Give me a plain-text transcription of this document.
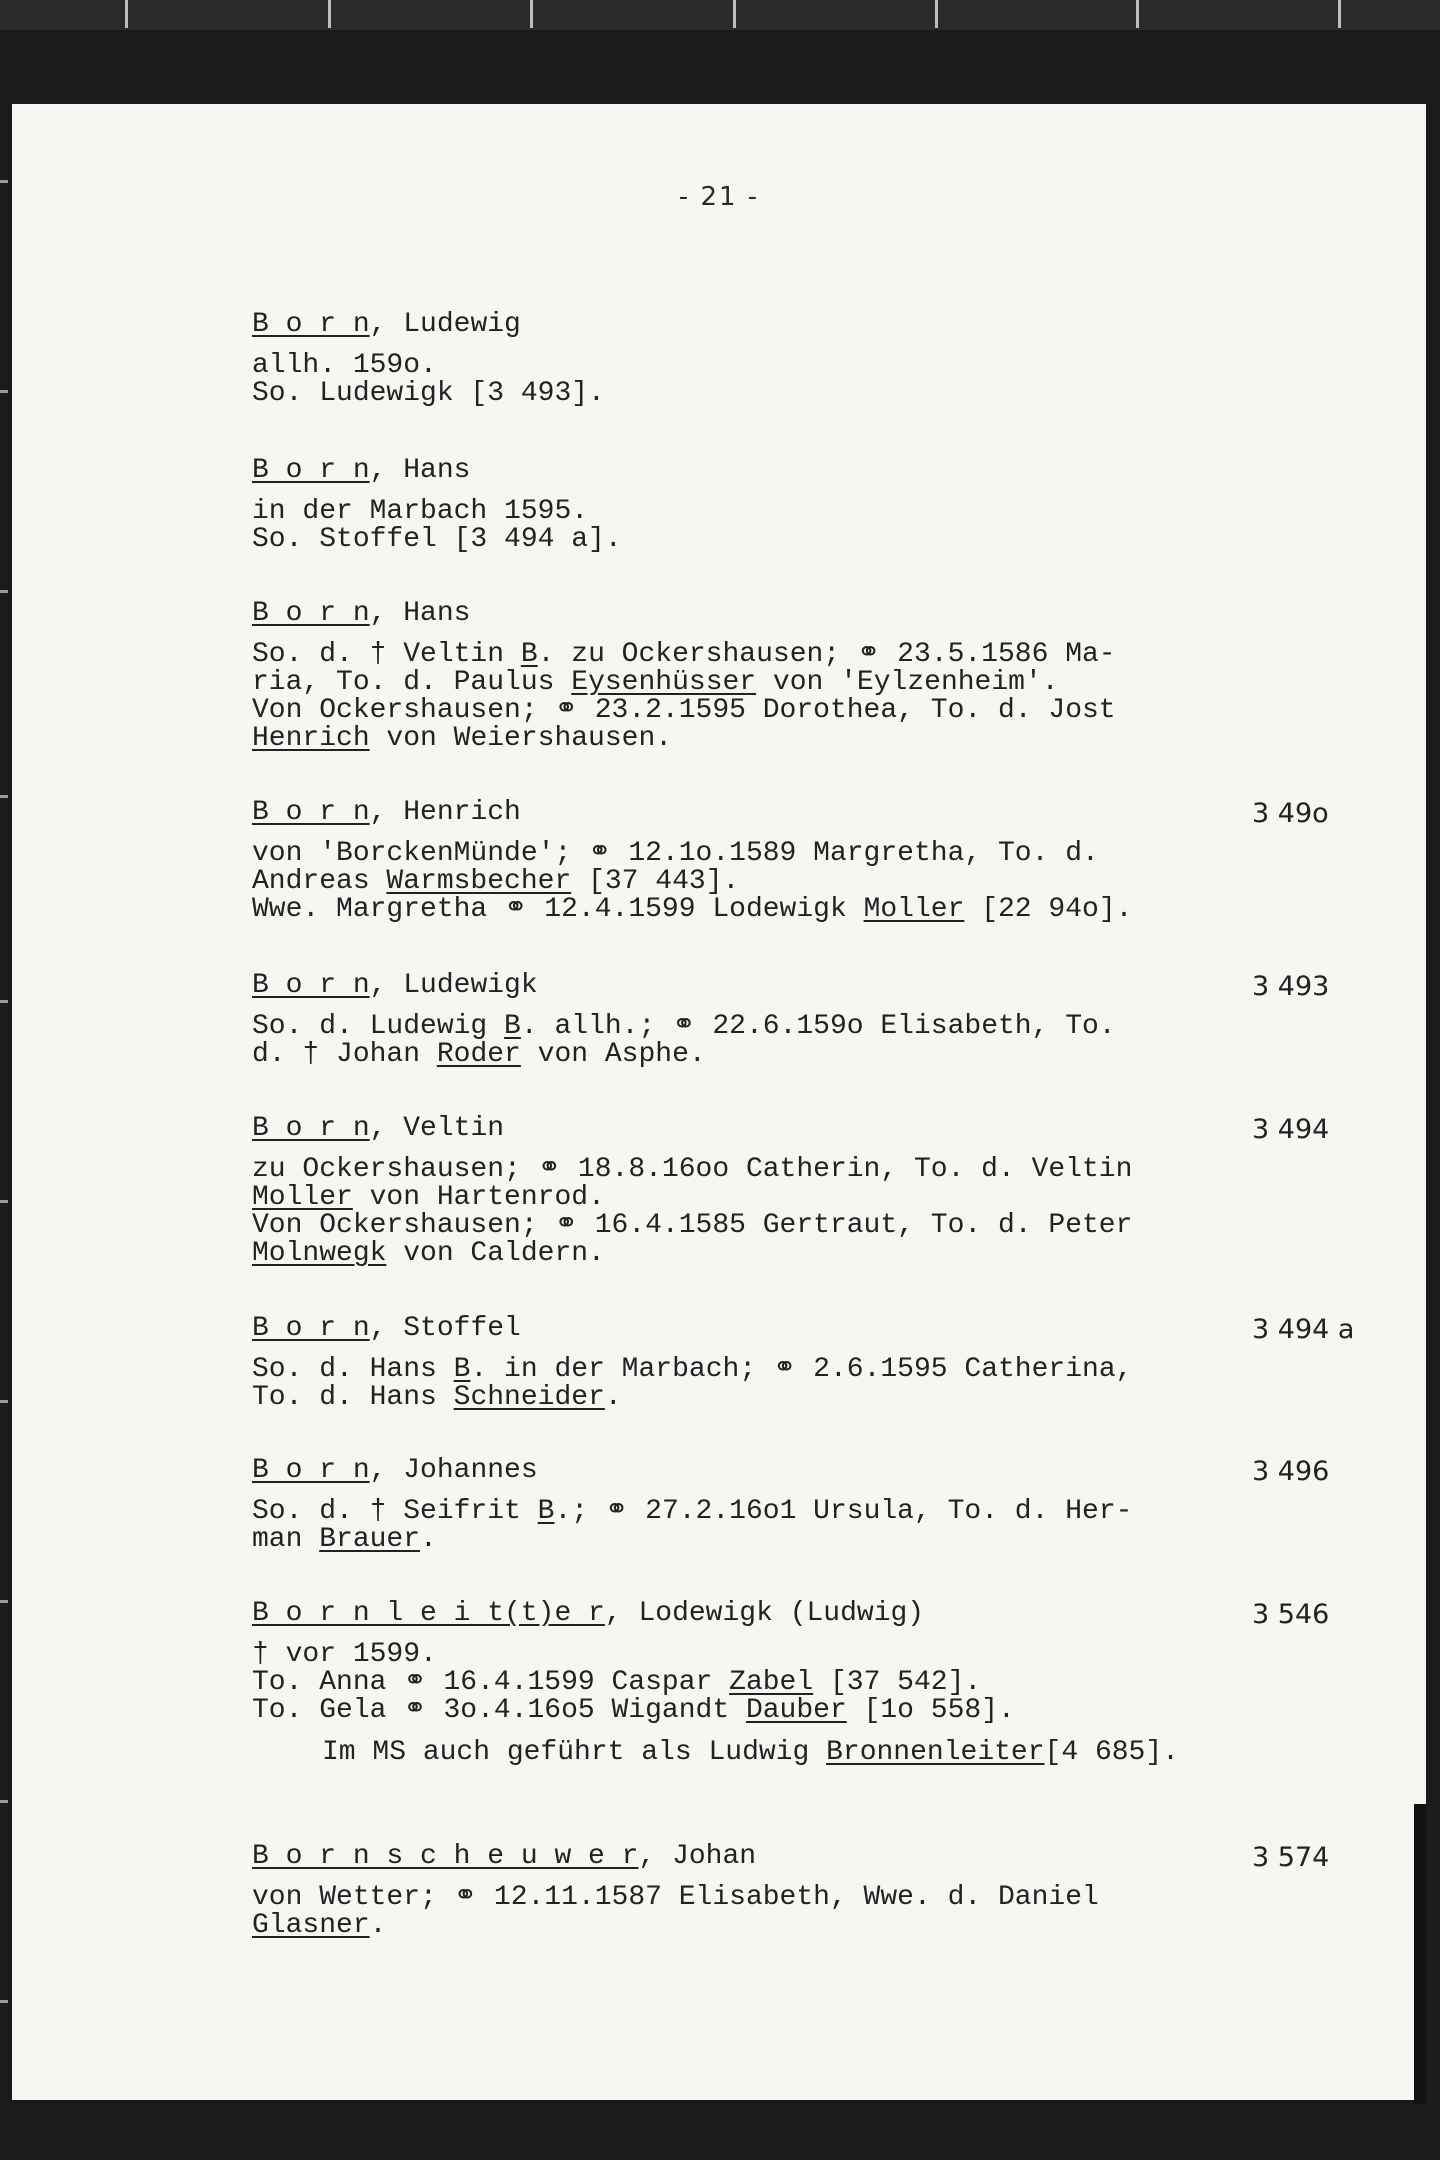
- 21 -
B o r n, Ludewig
allh. 159o.
So. Ludewigk [3 493].
B o r n, Hans
in der Marbach 1595.
So. Stoffel [3 494 a].
B o r n, Hans
So. d. † Veltin B. zu Ockershausen; ⚭ 23.5.1586 Ma-
ria, To. d. Paulus Eysenhüsser von 'Eylzenheim'.
Von Ockershausen; ⚭ 23.2.1595 Dorothea, To. d. Jost
Henrich von Weiershausen.
B o r n, Henrich	3 49o
von 'BorckenMünde'; ⚭ 12.1o.1589 Margretha, To. d.
Andreas Warmsbecher [37 443].
Wwe. Margretha ⚭ 12.4.1599 Lodewigk Moller [22 94o].
B o r n, Ludewigk	3 493
So. d. Ludewig B. allh.; ⚭ 22.6.159o Elisabeth, To.
d. † Johan Roder von Asphe.
B o r n, Veltin	3 494
zu Ockershausen; ⚭ 18.8.16oo Catherin, To. d. Veltin
Moller von Hartenrod.
Von Ockershausen; ⚭ 16.4.1585 Gertraut, To. d. Peter
Molnwegk von Caldern.
B o r n, Stoffel	3 494 a
So. d. Hans B. in der Marbach; ⚭ 2.6.1595 Catherina,
To. d. Hans Schneider.
B o r n, Johannes	3 496
So. d. † Seifrit B.; ⚭ 27.2.16o1 Ursula, To. d. Her-
man Brauer.
B o r n l e i t(t)e r, Lodewigk (Ludwig)	3 546
† vor 1599.
To. Anna ⚭ 16.4.1599 Caspar Zabel [37 542].
To. Gela ⚭ 3o.4.16o5 Wigandt Dauber [1o 558].
Im MS auch geführt als Ludwig Bronnenleiter[4 685].
B o r n s c h e u w e r, Johan	3 574
von Wetter; ⚭ 12.11.1587 Elisabeth, Wwe. d. Daniel
Glasner.
